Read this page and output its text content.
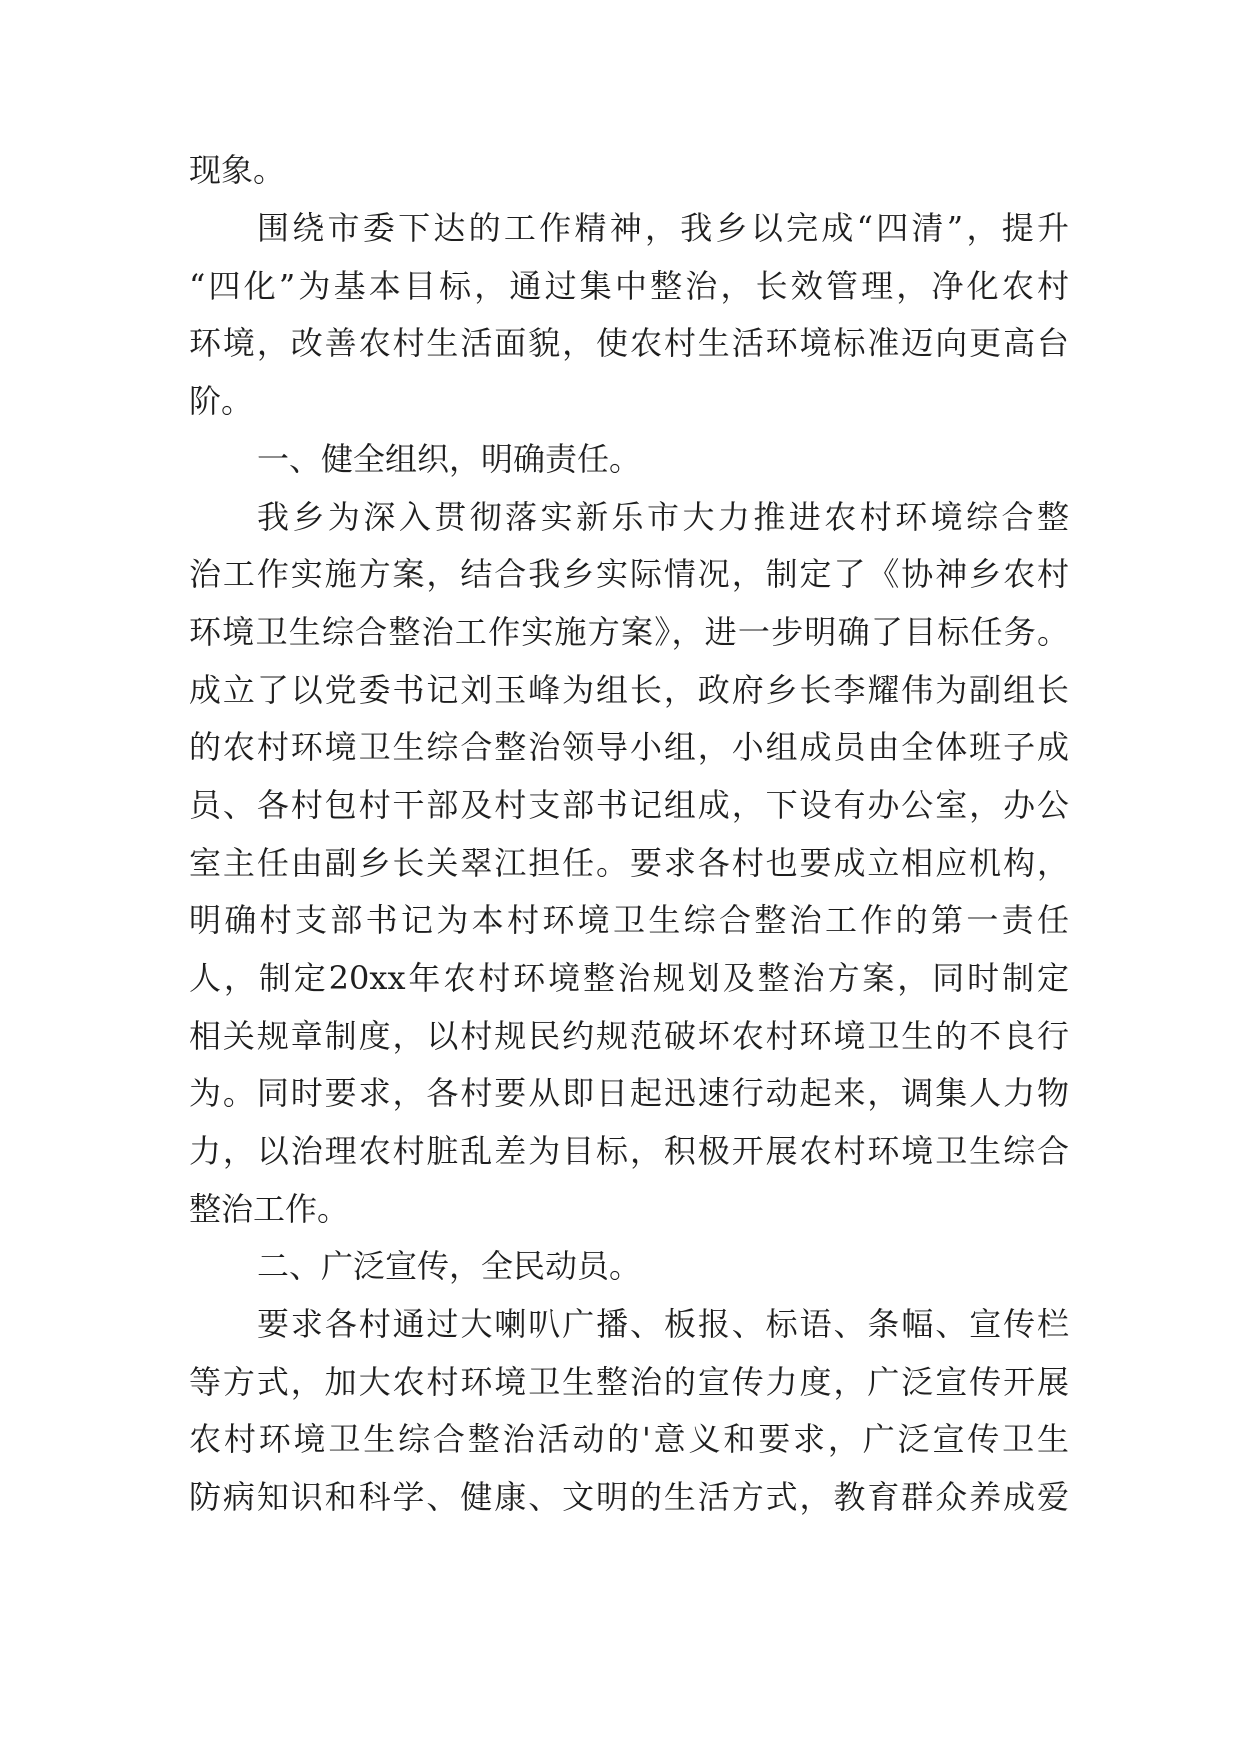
现象。
围绕市委下达的工作精神，我乡以完成“四清”，提升
“四化”为基本目标，通过集中整治，长效管理，净化农村
环境，改善农村生活面貌，使农村生活环境标准迈向更高台
阶。
一、健全组织，明确责任。
我乡为深入贯彻落实新乐市大力推进农村环境综合整
治工作实施方案，结合我乡实际情况，制定了《协神乡农村
环境卫生综合整治工作实施方案》，进一步明确了目标任务。
成立了以党委书记刘玉峰为组长，政府乡长李耀伟为副组长
的农村环境卫生综合整治领导小组，小组成员由全体班子成
员、各村包村干部及村支部书记组成，下设有办公室，办公
室主任由副乡长关翠江担任。要求各村也要成立相应机构，
明确村支部书记为本村环境卫生综合整治工作的第一责任
人，制定20xx年农村环境整治规划及整治方案，同时制定
相关规章制度，以村规民约规范破坏农村环境卫生的不良行
为。同时要求，各村要从即日起迅速行动起来，调集人力物
力，以治理农村脏乱差为目标，积极开展农村环境卫生综合
整治工作。
二、广泛宣传，全民动员。
要求各村通过大喇叭广播、板报、标语、条幅、宣传栏
等方式，加大农村环境卫生整治的宣传力度，广泛宣传开展
农村环境卫生综合整治活动的'意义和要求，广泛宣传卫生
防病知识和科学、健康、文明的生活方式，教育群众养成爱
